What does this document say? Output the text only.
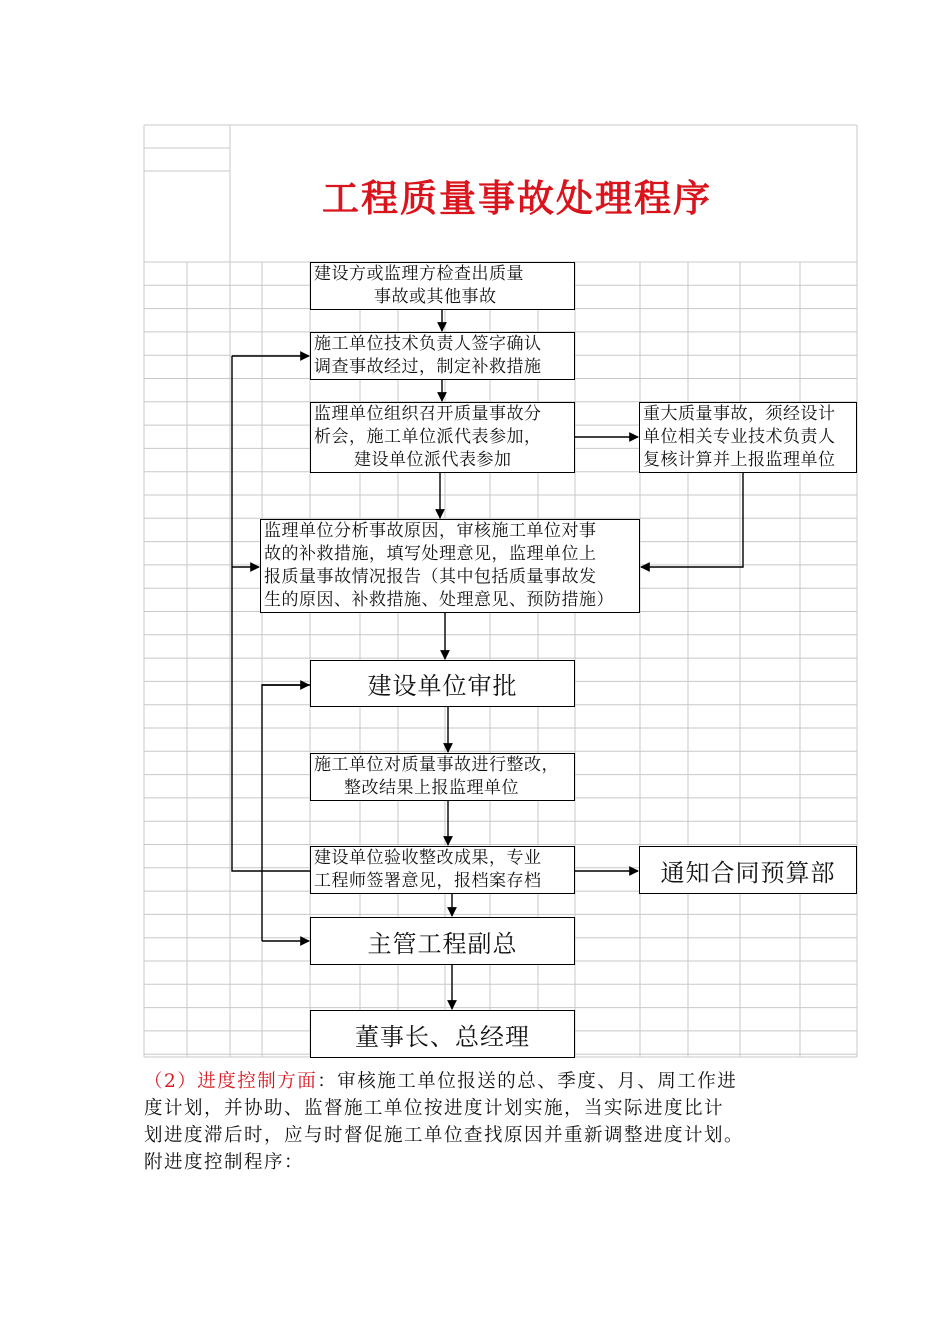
工程质量事故处理程序
建设方或监理方检查出质量
事故或其他事故
施工单位技术负责人签字确认
调查事故经过，制定补救措施
监理单位组织召开质量事故分
析会，施工单位派代表参加，
建设单位派代表参加
重大质量事故，须经设计
单位相关专业技术负责人
复核计算并上报监理单位
监理单位分析事故原因，审核施工单位对事
故的补救措施，填写处理意见，监理单位上
报质量事故情况报告（其中包括质量事故发
生的原因、补救措施、处理意见、预防措施）
建设单位审批
施工单位对质量事故进行整改，
整改结果上报监理单位
建设单位验收整改成果，专业
工程师签署意见，报档案存档	通知合同预算部
主管工程副总
董事长、总经理
（2）进度控制方面：审核施工单位报送的总、季度、月、周工作进
度计划，并协助、监督施工单位按进度计划实施，当实际进度比计
划进度滞后时，应与时督促施工单位查找原因并重新调整进度计划。
附进度控制程序：
